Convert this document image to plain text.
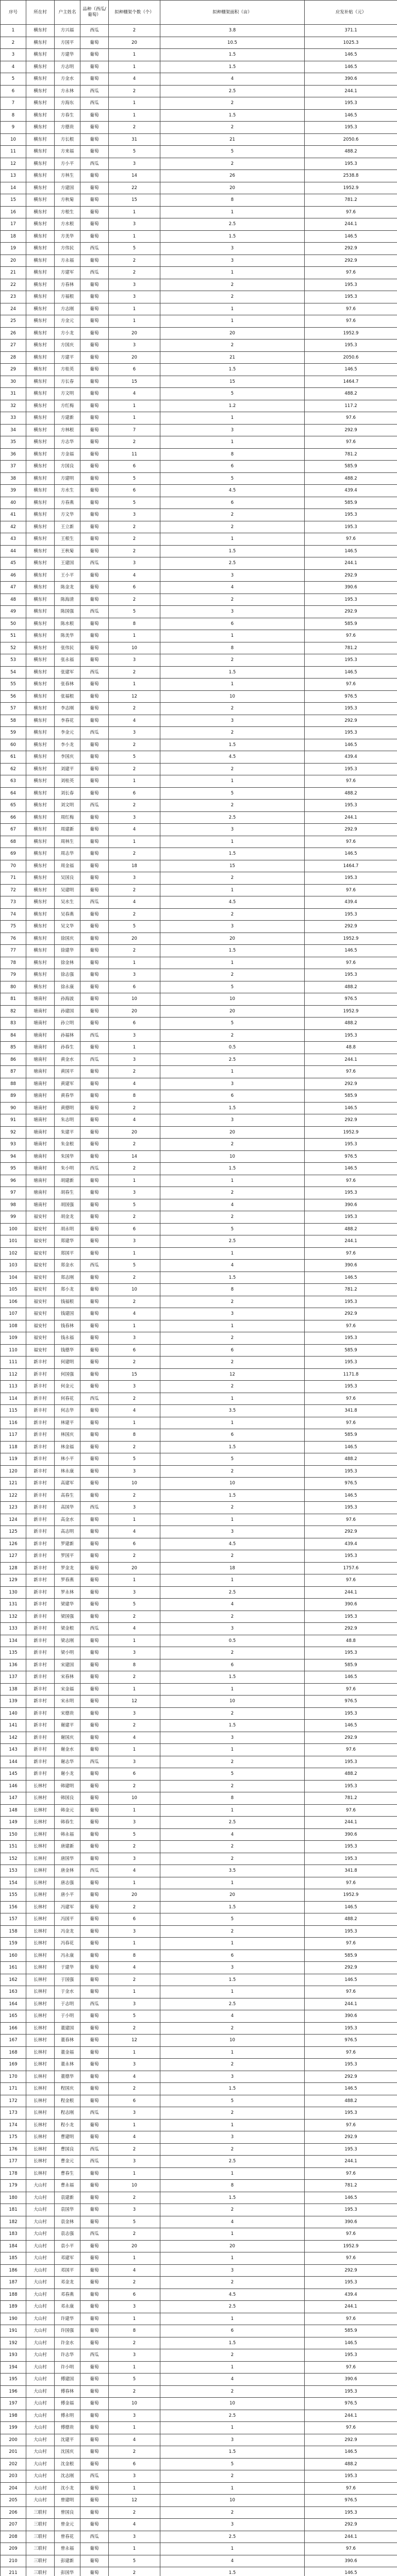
序号	所在村	户主姓名	品种（西瓜/葡萄）	拟种棚架个数（个）	拟种棚架面积（亩）	应发补贴（元）
1	横东村	方兴福	西瓜	2	3.8	371.1
2	横东村	方国平	葡萄	20	10.5	1025.3
3	横东村	方建华	葡萄	1	1.5	146.5
4	横东村	方志明	葡萄	1	1.5	146.5
5	横东村	方金水	葡萄	4	4	390.6
6	横东村	方永林	西瓜	2	2.5	244.1
7	横东村	方海东	西瓜	1	2	195.3
8	横东村	方春生	葡萄	1	1.5	146.5
9	横东村	方德贵	葡萄	2	2	195.3
10	横东村	方长根	葡萄	31	21	2050.6
11	横东村	方来福	葡萄	5	5	488.2
12	横东村	方小平	西瓜	3	2	195.3
13	横东村	方林生	葡萄	14	26	2538.8
14	横东村	方建国	葡萄	22	20	1952.9
15	横东村	方秋菊	葡萄	15	8	781.2
16	横东村	方根生	葡萄	1	1	97.6
17	横东村	方水根	葡萄	3	2.5	244.1
18	横东村	方美华	葡萄	1	1.5	146.5
19	横东村	方伟民	西瓜	5	3	292.9
20	横东村	方永福	葡萄	2	3	292.9
21	横东村	方建军	西瓜	2	1	97.6
22	横东村	方春林	葡萄	3	2	195.3
23	横东村	方福根	葡萄	3	2	195.3
24	横东村	方志刚	葡萄	1	1	97.6
25	横东村	方金元	葡萄	1	1	97.6
26	横东村	方小龙	葡萄	20	20	1952.9
27	横东村	方国庆	葡萄	3	2	195.3
28	横东村	方建平	葡萄	20	21	2050.6
29	横东村	方桂英	葡萄	6	1.5	146.5
30	横东村	方长春	葡萄	15	15	1464.7
31	横东村	方文明	葡萄	4	5	488.2
32	横东村	方红梅	葡萄	1	1.2	117.2
33	横东村	方建新	葡萄	1	1	97.6
34	横东村	方林根	葡萄	7	3	292.9
35	横东村	方志华	葡萄	2	1	97.6
36	横东村	方金福	葡萄	11	8	781.2
37	横东村	方国良	葡萄	6	6	585.9
38	横东村	方建明	葡萄	5	5	488.2
39	横东村	方水生	葡萄	6	4.5	439.4
40	横东村	方春燕	葡萄	5	6	585.9
41	横东村	方文华	葡萄	3	2	195.3
42	横东村	王立新	葡萄	2	2	195.3
43	横东村	王根生	葡萄	2	1	97.6
44	横东村	王秋菊	葡萄	2	1.5	146.5
45	横东村	王建国	西瓜	3	2.5	244.1
46	横东村	王小平	葡萄	4	3	292.9
47	横东村	陈金龙	葡萄	6	4	390.6
48	横东村	陈海清	葡萄	2	2	195.3
49	横东村	陈国强	西瓜	5	3	292.9
50	横东村	陈水根	葡萄	8	6	585.9
51	横东村	陈美华	葡萄	1	1	97.6
52	横东村	张伟民	葡萄	10	8	781.2
53	横东村	张永福	葡萄	3	2	195.3
54	横东村	张建军	西瓜	2	1.5	146.5
55	横东村	张春林	葡萄	1	1	97.6
56	横东村	张福根	葡萄	12	10	976.5
57	横东村	李志刚	葡萄	2	2	195.3
58	横东村	李春花	葡萄	4	3	292.9
59	横东村	李金元	西瓜	3	2	195.3
60	横东村	李小龙	葡萄	2	1.5	146.5
61	横东村	李国庆	葡萄	5	4.5	439.4
62	横东村	刘建平	葡萄	2	2	195.3
63	横东村	刘桂英	葡萄	1	1	97.6
64	横东村	刘长春	葡萄	6	5	488.2
65	横东村	刘文明	西瓜	2	2	195.3
66	横东村	周红梅	葡萄	3	2.5	244.1
67	横东村	周建新	葡萄	4	3	292.9
68	横东村	周林生	葡萄	1	1	97.6
69	横东村	周志华	葡萄	2	1.5	146.5
70	横东村	周金福	葡萄	18	15	1464.7
71	横东村	吴国良	葡萄	3	2	195.3
72	横东村	吴建明	葡萄	2	1	97.6
73	横东村	吴水生	西瓜	4	4.5	439.4
74	横东村	吴春燕	葡萄	2	2	195.3
75	横东村	吴文华	葡萄	5	3	292.9
76	横东村	徐国庆	葡萄	20	20	1952.9
77	横东村	徐建华	葡萄	2	1.5	146.5
78	横东村	徐金林	葡萄	1	1	97.6
79	横东村	徐志强	葡萄	3	2	195.3
80	横东村	徐永康	葡萄	6	5	488.2
81	塘南村	孙海波	葡萄	10	10	976.5
82	塘南村	孙建国	葡萄	20	20	1952.9
83	塘南村	孙立明	葡萄	6	5	488.2
84	塘南村	孙福林	西瓜	3	2	195.3
85	塘南村	孙春生	葡萄	1	0.5	48.8
86	塘南村	黄金水	西瓜	3	2.5	244.1
87	塘南村	黄国平	葡萄	2	1	97.6
88	塘南村	黄建军	葡萄	4	3	292.9
89	塘南村	黄春华	葡萄	8	6	585.9
90	塘南村	黄德明	葡萄	2	1.5	146.5
91	塘南村	朱志明	葡萄	4	3	292.9
92	塘南村	朱建平	葡萄	20	20	1952.9
93	塘南村	朱金根	葡萄	2	2	195.3
94	塘南村	朱国华	葡萄	14	10	976.5
95	塘南村	朱小明	西瓜	2	1.5	146.5
96	塘南村	胡建新	葡萄	1	1	97.6
97	塘南村	胡春生	葡萄	3	2	195.3
98	塘南村	胡国强	葡萄	5	4	390.6
99	福安村	胡金龙	葡萄	2	2	195.3
100	福安村	胡永明	葡萄	6	5	488.2
101	福安村	郑建华	葡萄	3	2.5	244.1
102	福安村	郑国平	葡萄	1	1	97.6
103	福安村	郑金水	西瓜	5	4	390.6
104	福安村	郑志刚	葡萄	2	1.5	146.5
105	福安村	郑小龙	葡萄	10	8	781.2
106	福安村	钱福根	葡萄	2	2	195.3
107	福安村	钱建国	葡萄	4	3	292.9
108	福安村	钱春林	葡萄	1	1	97.6
109	福安村	钱永福	葡萄	3	2	195.3
110	福安村	钱德华	葡萄	6	6	585.9
111	新丰村	何建明	葡萄	2	2	195.3
112	新丰村	何国强	葡萄	15	12	1171.8
113	新丰村	何金元	葡萄	3	2	195.3
114	新丰村	何春花	西瓜	2	1	97.6
115	新丰村	何志华	葡萄	4	3.5	341.8
116	新丰村	林建平	葡萄	1	1	97.6
117	新丰村	林国庆	葡萄	8	6	585.9
118	新丰村	林金福	葡萄	2	1.5	146.5
119	新丰村	林小平	葡萄	5	5	488.2
120	新丰村	林永康	葡萄	3	2	195.3
121	新丰村	高建军	葡萄	10	10	976.5
122	新丰村	高春生	葡萄	2	1.5	146.5
123	新丰村	高国华	西瓜	3	2	195.3
124	新丰村	高金水	葡萄	1	1	97.6
125	新丰村	高志明	葡萄	4	3	292.9
126	新丰村	罗建新	葡萄	6	4.5	439.4
127	新丰村	罗国平	葡萄	2	2	195.3
128	新丰村	罗金龙	葡萄	20	18	1757.6
129	新丰村	罗春燕	葡萄	1	1	97.6
130	新丰村	罗永林	葡萄	3	2.5	244.1
131	新丰村	梁建华	葡萄	5	4	390.6
132	新丰村	梁国强	葡萄	2	2	195.3
133	新丰村	梁金根	西瓜	4	3	292.9
134	新丰村	梁志刚	葡萄	1	0.5	48.8
135	新丰村	梁小明	葡萄	3	2	195.3
136	新丰村	宋建国	葡萄	8	6	585.9
137	新丰村	宋春林	葡萄	2	1.5	146.5
138	新丰村	宋金福	葡萄	1	1	97.6
139	新丰村	宋永明	葡萄	12	10	976.5
140	新丰村	宋德贵	葡萄	3	2	195.3
141	新丰村	谢建平	葡萄	2	1.5	146.5
142	新丰村	谢国庆	葡萄	4	3	292.9
143	新丰村	谢金水	葡萄	1	1	97.6
144	新丰村	谢志华	西瓜	3	2	195.3
145	新丰村	谢小龙	葡萄	6	5	488.2
146	长林村	韩建明	葡萄	2	2	195.3
147	长林村	韩国良	葡萄	10	8	781.2
148	长林村	韩金元	葡萄	1	1	97.6
149	长林村	韩春生	葡萄	3	2.5	244.1
150	长林村	韩永福	葡萄	5	4	390.6
151	长林村	唐建新	葡萄	2	2	195.3
152	长林村	唐国华	葡萄	3	2	195.3
153	长林村	唐金林	西瓜	4	3.5	341.8
154	长林村	唐志强	葡萄	1	1	97.6
155	长林村	唐小平	葡萄	20	20	1952.9
156	长林村	冯建军	葡萄	2	1.5	146.5
157	长林村	冯国平	葡萄	6	5	488.2
158	长林村	冯金龙	葡萄	3	2	195.3
159	长林村	冯春花	葡萄	1	1	97.6
160	长林村	冯永康	葡萄	8	6	585.9
161	长林村	于建华	葡萄	4	3	292.9
162	长林村	于国强	葡萄	2	1.5	146.5
163	长林村	于金水	葡萄	1	1	97.6
164	长林村	于志明	西瓜	3	2.5	244.1
165	长林村	于小明	葡萄	5	4	390.6
166	长林村	董建国	葡萄	2	2	195.3
167	长林村	董春林	葡萄	12	10	976.5
168	长林村	董金福	葡萄	1	1	97.6
169	长林村	董永林	葡萄	3	2	195.3
170	长林村	董德华	葡萄	4	3	292.9
171	长林村	程国庆	葡萄	2	1.5	146.5
172	长林村	程金根	葡萄	6	5	488.2
173	长林村	程志刚	西瓜	3	2	195.3
174	长林村	程小龙	葡萄	1	1	97.6
175	长林村	曹建明	葡萄	4	3	292.9
176	长林村	曹国良	西瓜	2	2	195.3
177	长林村	曹金元	西瓜	3	2.5	244.1
178	长林村	曹春生	葡萄	1	1	97.6
179	大山村	曹永福	葡萄	10	8	781.2
180	大山村	袁建新	葡萄	2	1.5	146.5
181	大山村	袁国华	葡萄	3	2	195.3
182	大山村	袁金林	葡萄	5	4	390.6
183	大山村	袁志强	西瓜	2	1	97.6
184	大山村	袁小平	葡萄	20	20	1952.9
185	大山村	邓建军	葡萄	1	1	97.6
186	大山村	邓国平	葡萄	4	3	292.9
187	大山村	邓金龙	葡萄	2	2	195.3
188	大山村	邓春燕	葡萄	6	4.5	439.4
189	大山村	邓永康	葡萄	3	2.5	244.1
190	大山村	许建华	葡萄	1	1	97.6
191	大山村	许国强	葡萄	8	6	585.9
192	大山村	许金水	葡萄	2	1.5	146.5
193	大山村	许志华	西瓜	3	2	195.3
194	大山村	许小明	葡萄	1	1	97.6
195	大山村	傅建国	葡萄	5	4	390.6
196	大山村	傅春林	葡萄	2	2	195.3
197	大山村	傅金福	葡萄	10	10	976.5
198	大山村	傅永明	葡萄	3	2.5	244.1
199	大山村	傅德贵	葡萄	1	1	97.6
200	大山村	沈建平	葡萄	4	3	292.9
201	大山村	沈国庆	葡萄	2	1.5	146.5
202	大山村	沈金根	葡萄	6	5	488.2
203	大山村	沈志刚	西瓜	3	2	195.3
204	大山村	沈小龙	葡萄	1	1	97.6
205	大山村	曾建明	葡萄	12	10	976.5
206	三联村	曾国良	葡萄	2	2	195.3
207	三联村	曾金元	葡萄	4	3	292.9
208	三联村	曾春花	西瓜	3	2.5	244.1
209	三联村	曾永福	葡萄	1	1	97.6
210	三联村	彭建新	葡萄	5	4	390.6
211	三联村	彭国华	葡萄	2	1.5	146.5
